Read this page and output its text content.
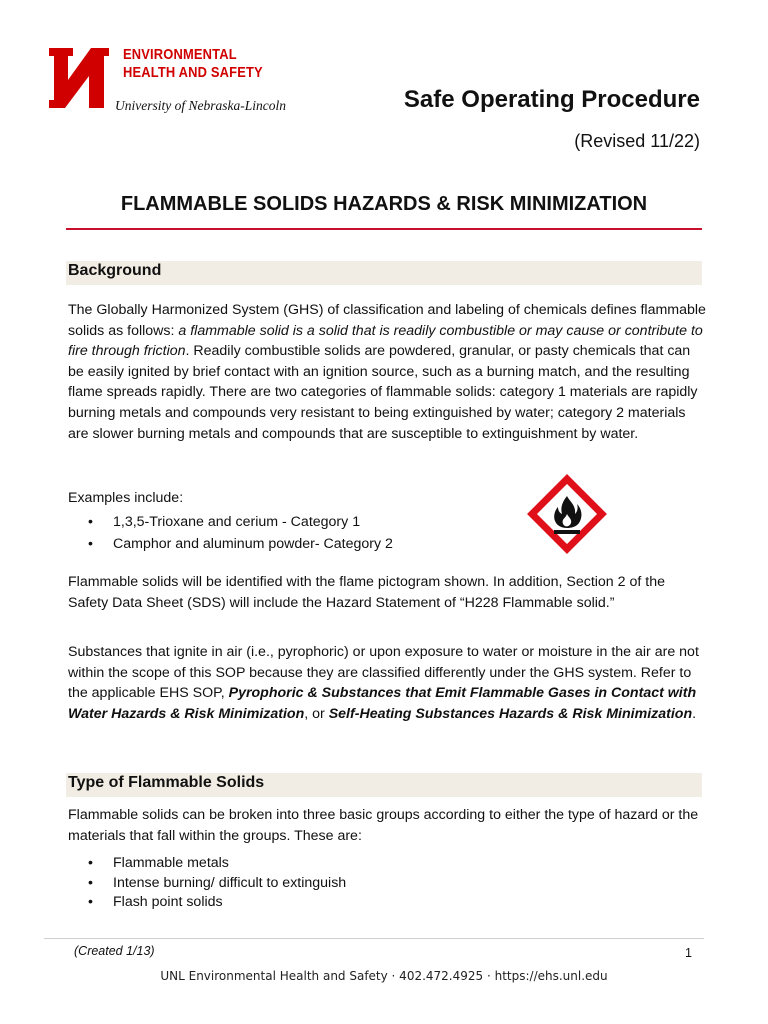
ENVIRONMENTAL
HEALTH AND SAFETY
University of Nebraska-Lincoln	Safe Operating Procedure
(Revised 11/22)
FLAMMABLE SOLIDS HAZARDS & RISK MINIMIZATION
Background

The Globally Harmonized System (GHS) of classification and labeling of chemicals defines flammable solids as follows: a flammable solid is a solid that is readily combustible or may cause or contribute to fire through friction. Readily combustible solids are powdered, granular, or pasty chemicals that can be easily ignited by brief contact with an ignition source, such as a burning match, and the resulting flame spreads rapidly. There are two categories of flammable solids: category 1 materials are rapidly burning metals and compounds very resistant to being extinguished by water; category 2 materials are slower burning metals and compounds that are susceptible to extinguishment by water.

Examples include:

• 1,3,5-Trioxane and cerium - Category 1
• Camphor and aluminum powder- Category 2

Flammable solids will be identified with the flame pictogram shown. In addition, Section 2 of the Safety Data Sheet (SDS) will include the Hazard Statement of “H228 Flammable solid.”

Substances that ignite in air (i.e., pyrophoric) or upon exposure to water or moisture in the air are not within the scope of this SOP because they are classified differently under the GHS system. Refer to the applicable EHS SOP, Pyrophoric & Substances that Emit Flammable Gases in Contact with Water Hazards & Risk Minimization, or Self-Heating Substances Hazards & Risk Minimization.

Type of Flammable Solids

Flammable solids can be broken into three basic groups according to either the type of hazard or the materials that fall within the groups. These are:

• Flammable metals
• Intense burning/ difficult to extinguish
• Flash point solids
(Created 1/13)	1
UNL Environmental Health and Safety · 402.472.4925 · https://ehs.unl.edu
